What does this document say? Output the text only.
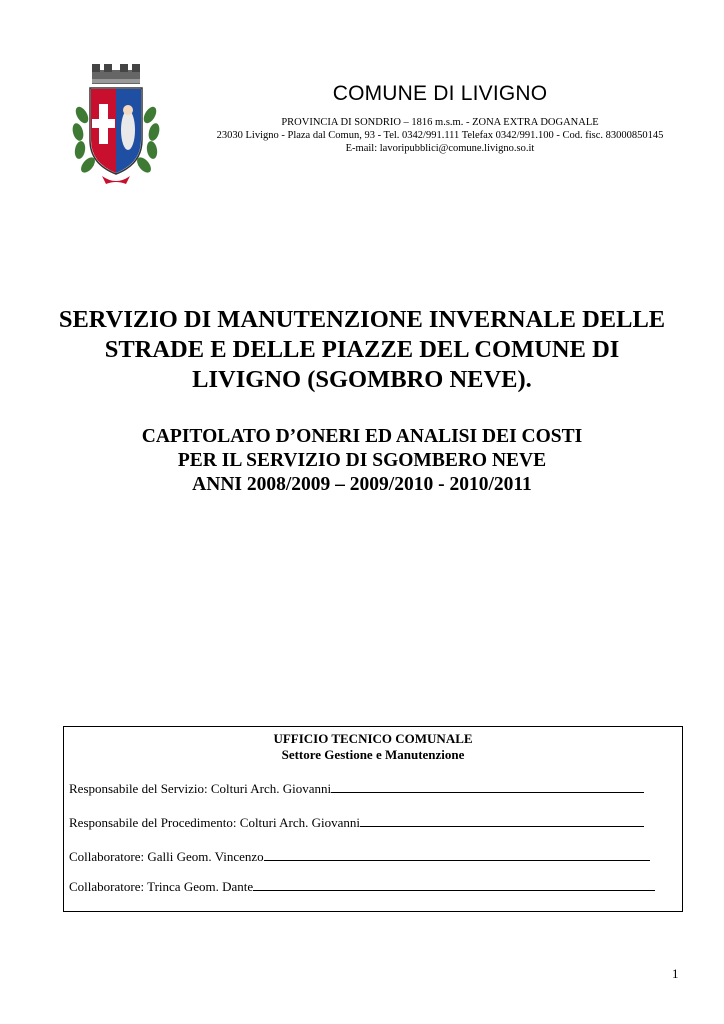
COMUNE DI LIVIGNO
PROVINCIA DI SONDRIO – 1816 m.s.m. - ZONA EXTRA DOGANALE
23030 Livigno - Plaza dal Comun, 93 - Tel. 0342/991.111 Telefax 0342/991.100 - Cod. fisc. 83000850145
E-mail: lavoripubblici@comune.livigno.so.it
SERVIZIO DI MANUTENZIONE INVERNALE DELLE
STRADE E DELLE PIAZZE DEL COMUNE DI
LIVIGNO (SGOMBRO NEVE).
CAPITOLATO D’ONERI ED ANALISI DEI COSTI
PER IL SERVIZIO DI SGOMBERO NEVE
ANNI 2008/2009 – 2009/2010 - 2010/2011
UFFICIO TECNICO COMUNALE
Settore Gestione e Manutenzione
Responsabile del Servizio: Colturi Arch. Giovanni
Responsabile del Procedimento: Colturi Arch. Giovanni
Collaboratore: Galli Geom. Vincenzo
Collaboratore: Trinca Geom. Dante
1
